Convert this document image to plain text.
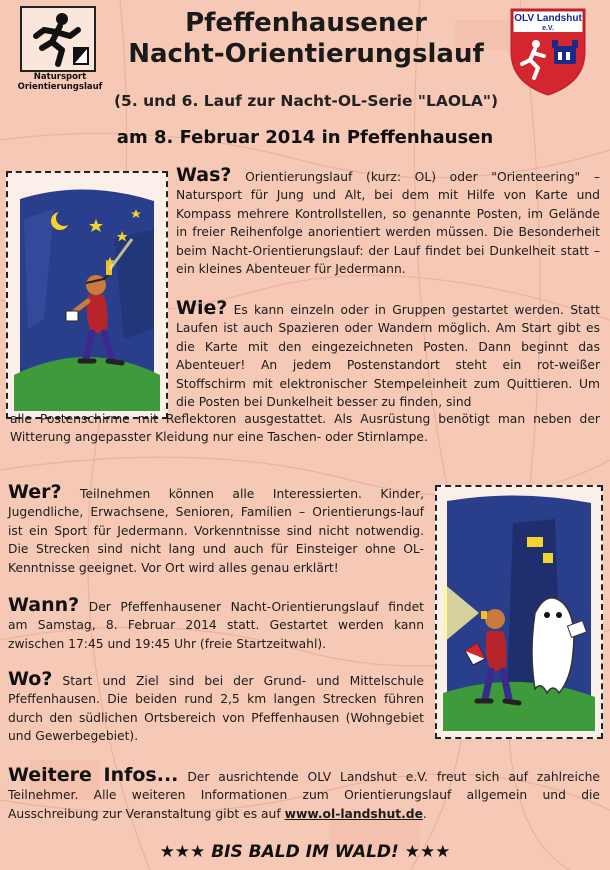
Natursport
Orientierungslauf
OLV Landshut
e.V.
Pfeffenhausener
Nacht-Orientierungslauf
(5. und 6. Lauf zur Nacht-OL-Serie "LAOLA")
am 8. Februar 2014 in Pfeffenhausen
Was? Orientierungslauf (kurz: OL) oder "Orienteering" – Natursport für Jung und Alt, bei dem mit Hilfe von Karte und Kompass mehrere Kontrollstellen, so genannte Posten, im Gelände in freier Reihenfolge anorientiert werden müssen. Die Besonderheit beim Nacht-Orientierungslauf: der Lauf findet bei Dunkelheit statt – ein kleines Abenteuer für Jedermann.
Wie? Es kann einzeln oder in Gruppen gestartet werden. Statt Laufen ist auch Spazieren oder Wandern möglich. Am Start gibt es die Karte mit den eingezeichneten Posten. Dann beginnt das Abenteuer! An jedem Postenstandort steht ein rot-weißer Stoffschirm mit elektronischer Stempeleinheit zum Quittieren. Um die Posten bei Dunkelheit besser zu finden, sind
alle Postenschirme mit Reflektoren ausgestattet. Als Ausrüstung benötigt man neben der Witterung angepasster Kleidung nur eine Taschen- oder Stirnlampe.
Wer? Teilnehmen können alle Interessierten. Kinder, Jugendliche, Erwachsene, Senioren, Familien – Orientierungs-lauf ist ein Sport für Jedermann. Vorkenntnisse sind nicht notwendig. Die Strecken sind nicht lang und auch für Einsteiger ohne OL-Kenntnisse geeignet. Vor Ort wird alles genau erklärt!
Wann? Der Pfeffenhausener Nacht-Orientierungslauf findet am Samstag, 8. Februar 2014 statt. Gestartet werden kann zwischen 17:45 und 19:45 Uhr (freie Startzeitwahl).
Wo? Start und Ziel sind bei der Grund- und Mittelschule Pfeffenhausen. Die beiden rund 2,5 km langen Strecken führen durch den südlichen Ortsbereich von Pfeffenhausen (Wohngebiet und Gewerbegebiet).
Weitere Infos... Der ausrichtende OLV Landshut e.V. freut sich auf zahlreiche Teilnehmer. Alle weiteren Informationen zum Orientierungslauf allgemein und die Ausschreibung zur Veranstaltung gibt es auf www.ol-landshut.de.
★★★ BIS BALD IM WALD! ★★★
